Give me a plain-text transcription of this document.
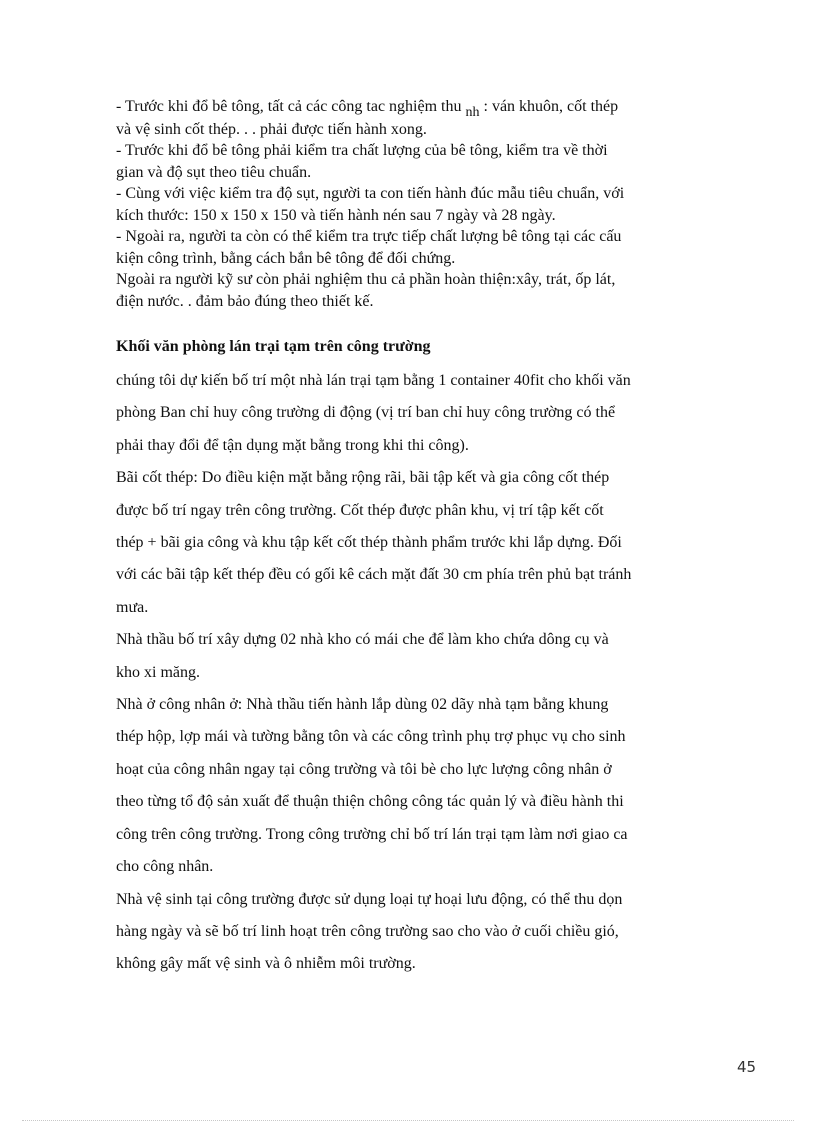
- Trước khi đổ bê tông, tất cả các công tac nghiệm thu nh : ván khuôn, cốt thép

và vệ sinh cốt thép. . . phải được tiến hành xong.

- Trước khi đổ bê tông phải kiểm tra chất lượng của bê tông, kiểm tra về thời

gian và độ sụt theo tiêu chuẩn.

- Cùng với việc kiểm tra độ sụt, người ta con tiến hành đúc mẫu tiêu chuẩn, với

kích thước: 150 x 150 x 150 và tiến hành nén sau 7 ngày và 28 ngày.

- Ngoài ra, người ta còn có thể kiểm tra trực tiếp chất lượng bê tông tại các cấu

kiện công trình, bằng cách bắn bê tông để đối chứng.

Ngoài ra người kỹ sư còn phải nghiệm thu cả phần hoàn thiện:xây, trát, ốp lát,

điện nước. . đảm bảo đúng theo thiết kế.

Khối văn phòng lán trại tạm trên công trường

chúng tôi dự kiến bố trí một nhà lán trại tạm bằng 1 container 40fit cho khối văn

phòng Ban chỉ huy công trường di động (vị trí ban chỉ huy công trường có thể

phải thay đổi để tận dụng mặt bằng trong khi thi công).

Bãi cốt thép: Do điều kiện mặt bằng rộng rãi, bãi tập kết và gia công cốt thép

được bố trí ngay trên công trường. Cốt thép được phân khu, vị trí tập kết cốt

thép + bãi gia công và khu tập kết cốt thép thành phẩm trước khi lắp dựng. Đối

với các bãi tập kết thép đều có gối kê cách mặt đất 30 cm phía trên phủ bạt tránh

mưa.

Nhà thầu bố trí xây dựng 02 nhà kho có mái che để làm kho chứa dông cụ và

kho xi măng.

Nhà ở công nhân ở: Nhà thầu tiến hành lắp dùng 02 dãy nhà tạm bằng khung

thép hộp, lợp mái và tường bằng tôn và các công trình phụ trợ phục vụ cho sinh

hoạt của công nhân ngay tại công trường và tôi bè cho lực lượng công nhân ở

theo từng tổ độ sản xuất để thuận thiện chông công tác quản lý và điều hành thi

công trên công trường. Trong công trường chỉ bố trí lán trại tạm làm nơi giao ca

cho công nhân.

Nhà vệ sinh tại công trường được sử dụng loại tự hoại lưu động, có thể thu dọn

hàng ngày và sẽ bố trí linh hoạt trên công trường sao cho vào ở cuối chiều gió,

không gây mất vệ sinh và ô nhiễm môi trường.

45
